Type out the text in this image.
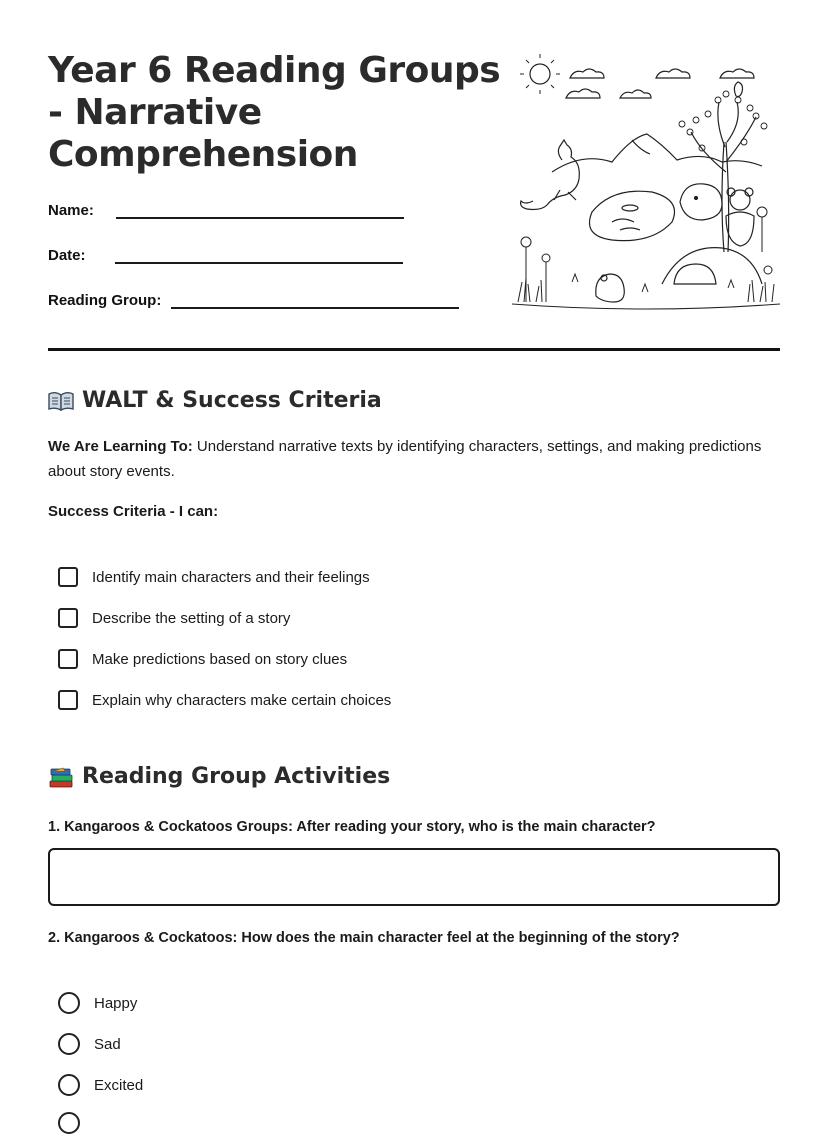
Year 6 Reading Groups - Narrative Comprehension
Name:
Date:
Reading Group:
WALT & Success Criteria

We Are Learning To: Understand narrative texts by identifying characters, settings, and making predictions about story events.

Success Criteria - I can:

Identify main characters and their feelings
Describe the setting of a story
Make predictions based on story clues
Explain why characters make certain choices
Reading Group Activities

1. Kangaroos & Cockatoos Groups: After reading your story, who is the main character?

2. Kangaroos & Cockatoos: How does the main character feel at the beginning of the story?

Happy
Sad
Excited
